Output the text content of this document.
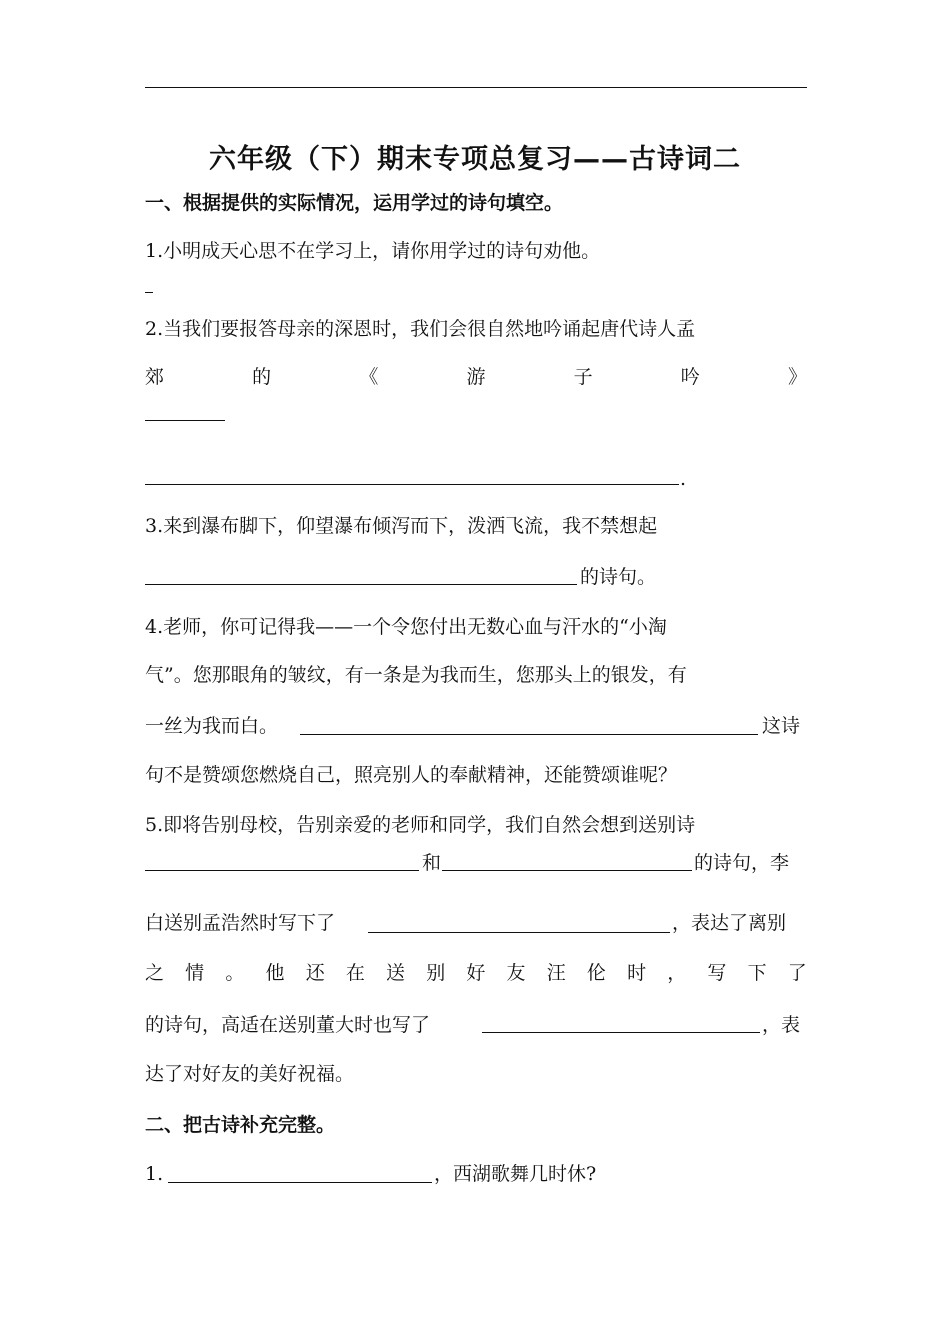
六年级（下）期末专项总复习——古诗词二
一、根据提供的实际情况，运用学过的诗句填空。
1.小明成天心思不在学习上，请你用学过的诗句劝他。
2.当我们要报答母亲的深恩时，我们会很自然地吟诵起唐代诗人孟
郊	的	《	游	子	吟	》
.
3.来到瀑布脚下，仰望瀑布倾泻而下，泼洒飞流，我不禁想起
的诗句。
4.老师，你可记得我——一个令您付出无数心血与汗水的“小淘
气”。您那眼角的皱纹，有一条是为我而生，您那头上的银发，有
一丝为我而白。	这诗
句不是赞颂您燃烧自己，照亮别人的奉献精神，还能赞颂谁呢？
5.即将告别母校，告别亲爱的老师和同学，我们自然会想到送别诗
和	的诗句，李
白送别孟浩然时写下了	，表达了离别
之 情 。 他 还 在 送 别 好 友 汪 伦 时 ， 写 下 了
的诗句，高适在送别董大时也写了	，表
达了对好友的美好祝福。
二、把古诗补充完整。
1.	，西湖歌舞几时休?
